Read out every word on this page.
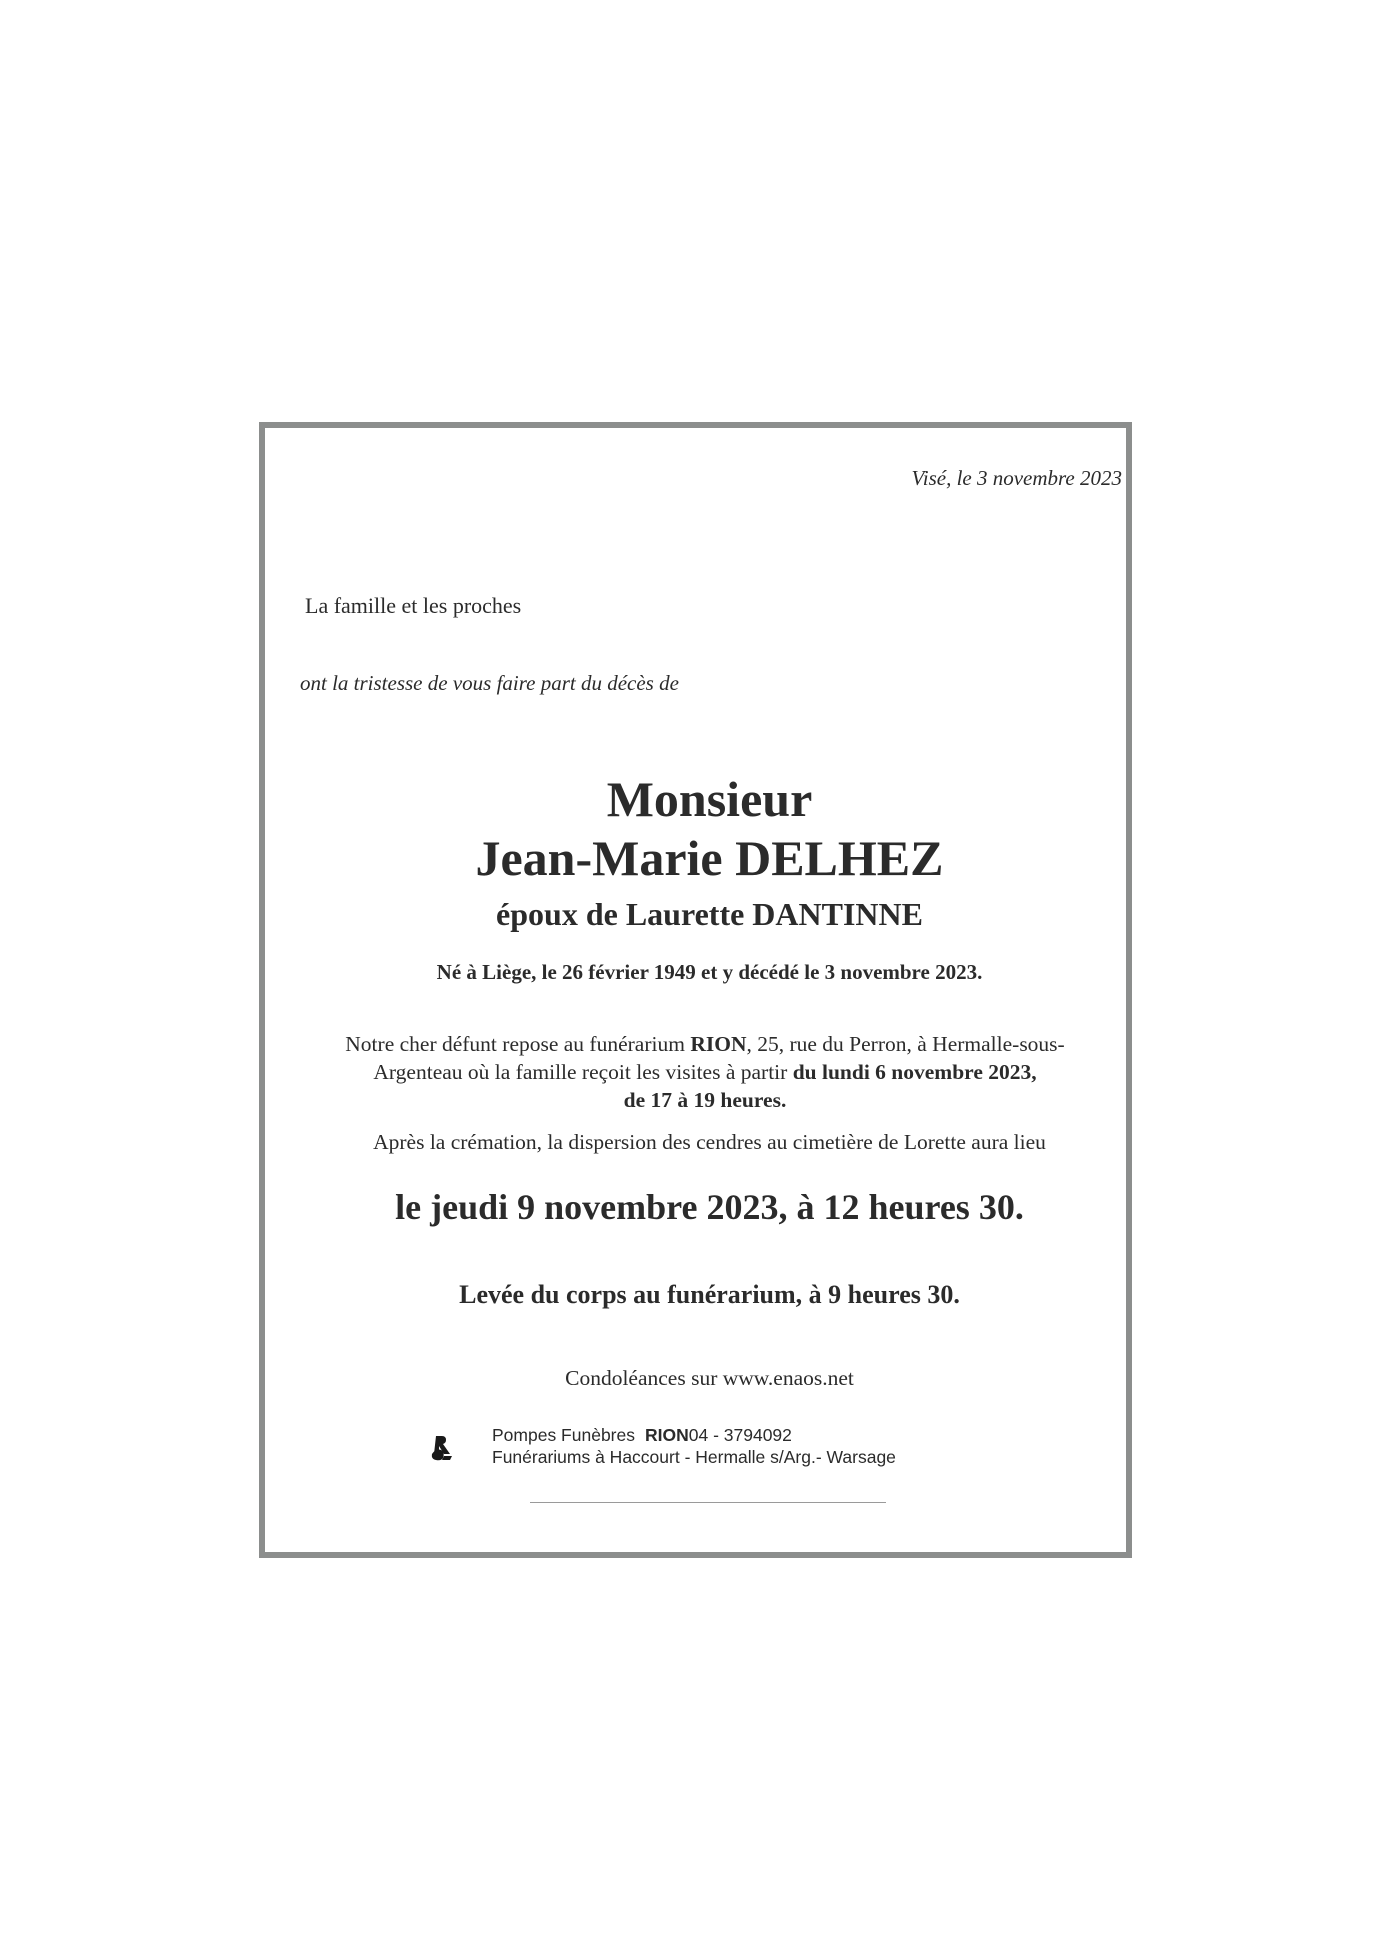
Visé, le 3 novembre 2023
La famille et les proches
ont la tristesse de vous faire part du décès de
Monsieur
Jean-Marie DELHEZ
époux de Laurette DANTINNE
Né à Liège, le 26 février 1949 et y décédé le 3 novembre 2023.
Notre cher défunt repose au funérarium RION, 25, rue du Perron, à Hermalle-sous-Argenteau où la famille reçoit les visites à partir du lundi 6 novembre 2023,
de 17 à 19 heures.
Après la crémation, la dispersion des cendres au cimetière de Lorette aura lieu
le jeudi 9 novembre 2023, à 12 heures 30.
Levée du corps au funérarium, à 9 heures 30.
Condoléances sur www.enaos.net
Pompes Funèbres RION04 - 3794092
Funérariums à Haccourt - Hermalle s/Arg.- Warsage
